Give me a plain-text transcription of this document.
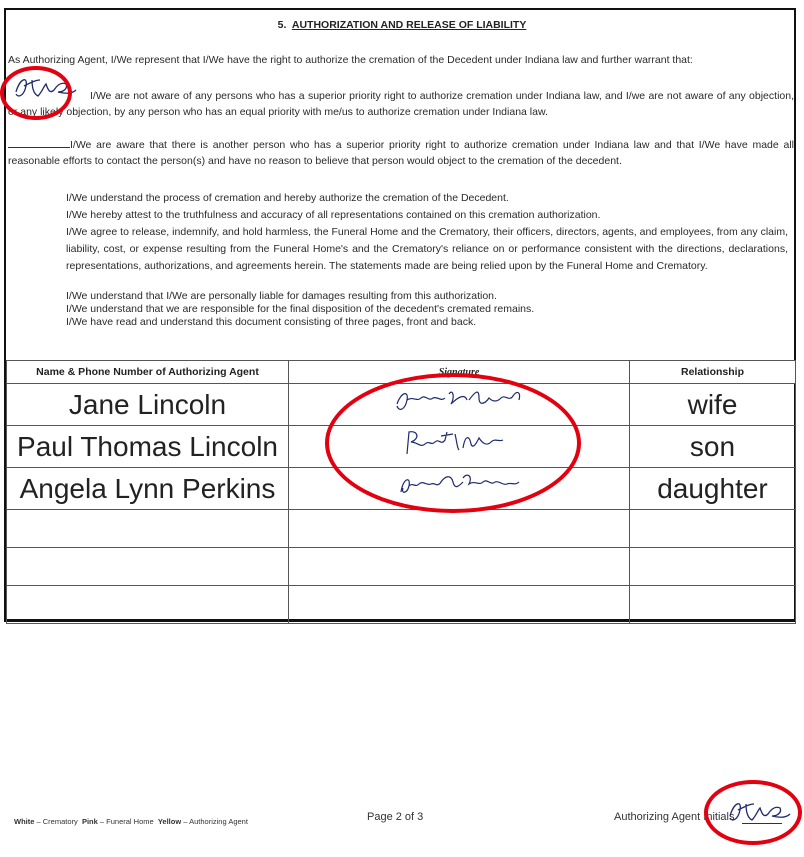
5. AUTHORIZATION AND RELEASE OF LIABILITY
As Authorizing Agent, I/We represent that I/We have the right to authorize the cremation of the Decedent under Indiana law and further warrant that:
I/We are not aware of any persons who has a superior priority right to authorize cremation under Indiana law, and I/we are not aware of any objection, or any likely objection, by any person who has an equal priority with me/us to authorize cremation under Indiana law.
I/We are aware that there is another person who has a superior priority right to authorize cremation under Indiana law and that I/We have made all reasonable efforts to contact the person(s) and have no reason to believe that person would object to the cremation of the decedent.
I/We understand the process of cremation and hereby authorize the cremation of the Decedent.
I/We hereby attest to the truthfulness and accuracy of all representations contained on this cremation authorization.
I/We agree to release, indemnify, and hold harmless, the Funeral Home and the Crematory, their officers, directors, agents, and employees, from any claim, liability, cost, or expense resulting from the Funeral Home's and the Crematory's reliance on or performance consistent with the directions, declarations, representations, authorizations, and agreements herein. The statements made are being relied upon by the Funeral Home and Crematory.
I/We understand that I/We are personally liable for damages resulting from this authorization.
I/We understand that we are responsible for the final disposition of the decedent's cremated remains.
I/We have read and understand this document consisting of three pages, front and back.
Name & Phone Number of Authorizing Agent	Signature	Relationship
Jane Lincoln		wife
Paul Thomas Lincoln		son
Angela Lynn Perkins		daughter

White – Crematory Pink – Funeral Home Yellow – Authorizing Agent	Page 2 of 3	Authorizing Agent Initials
